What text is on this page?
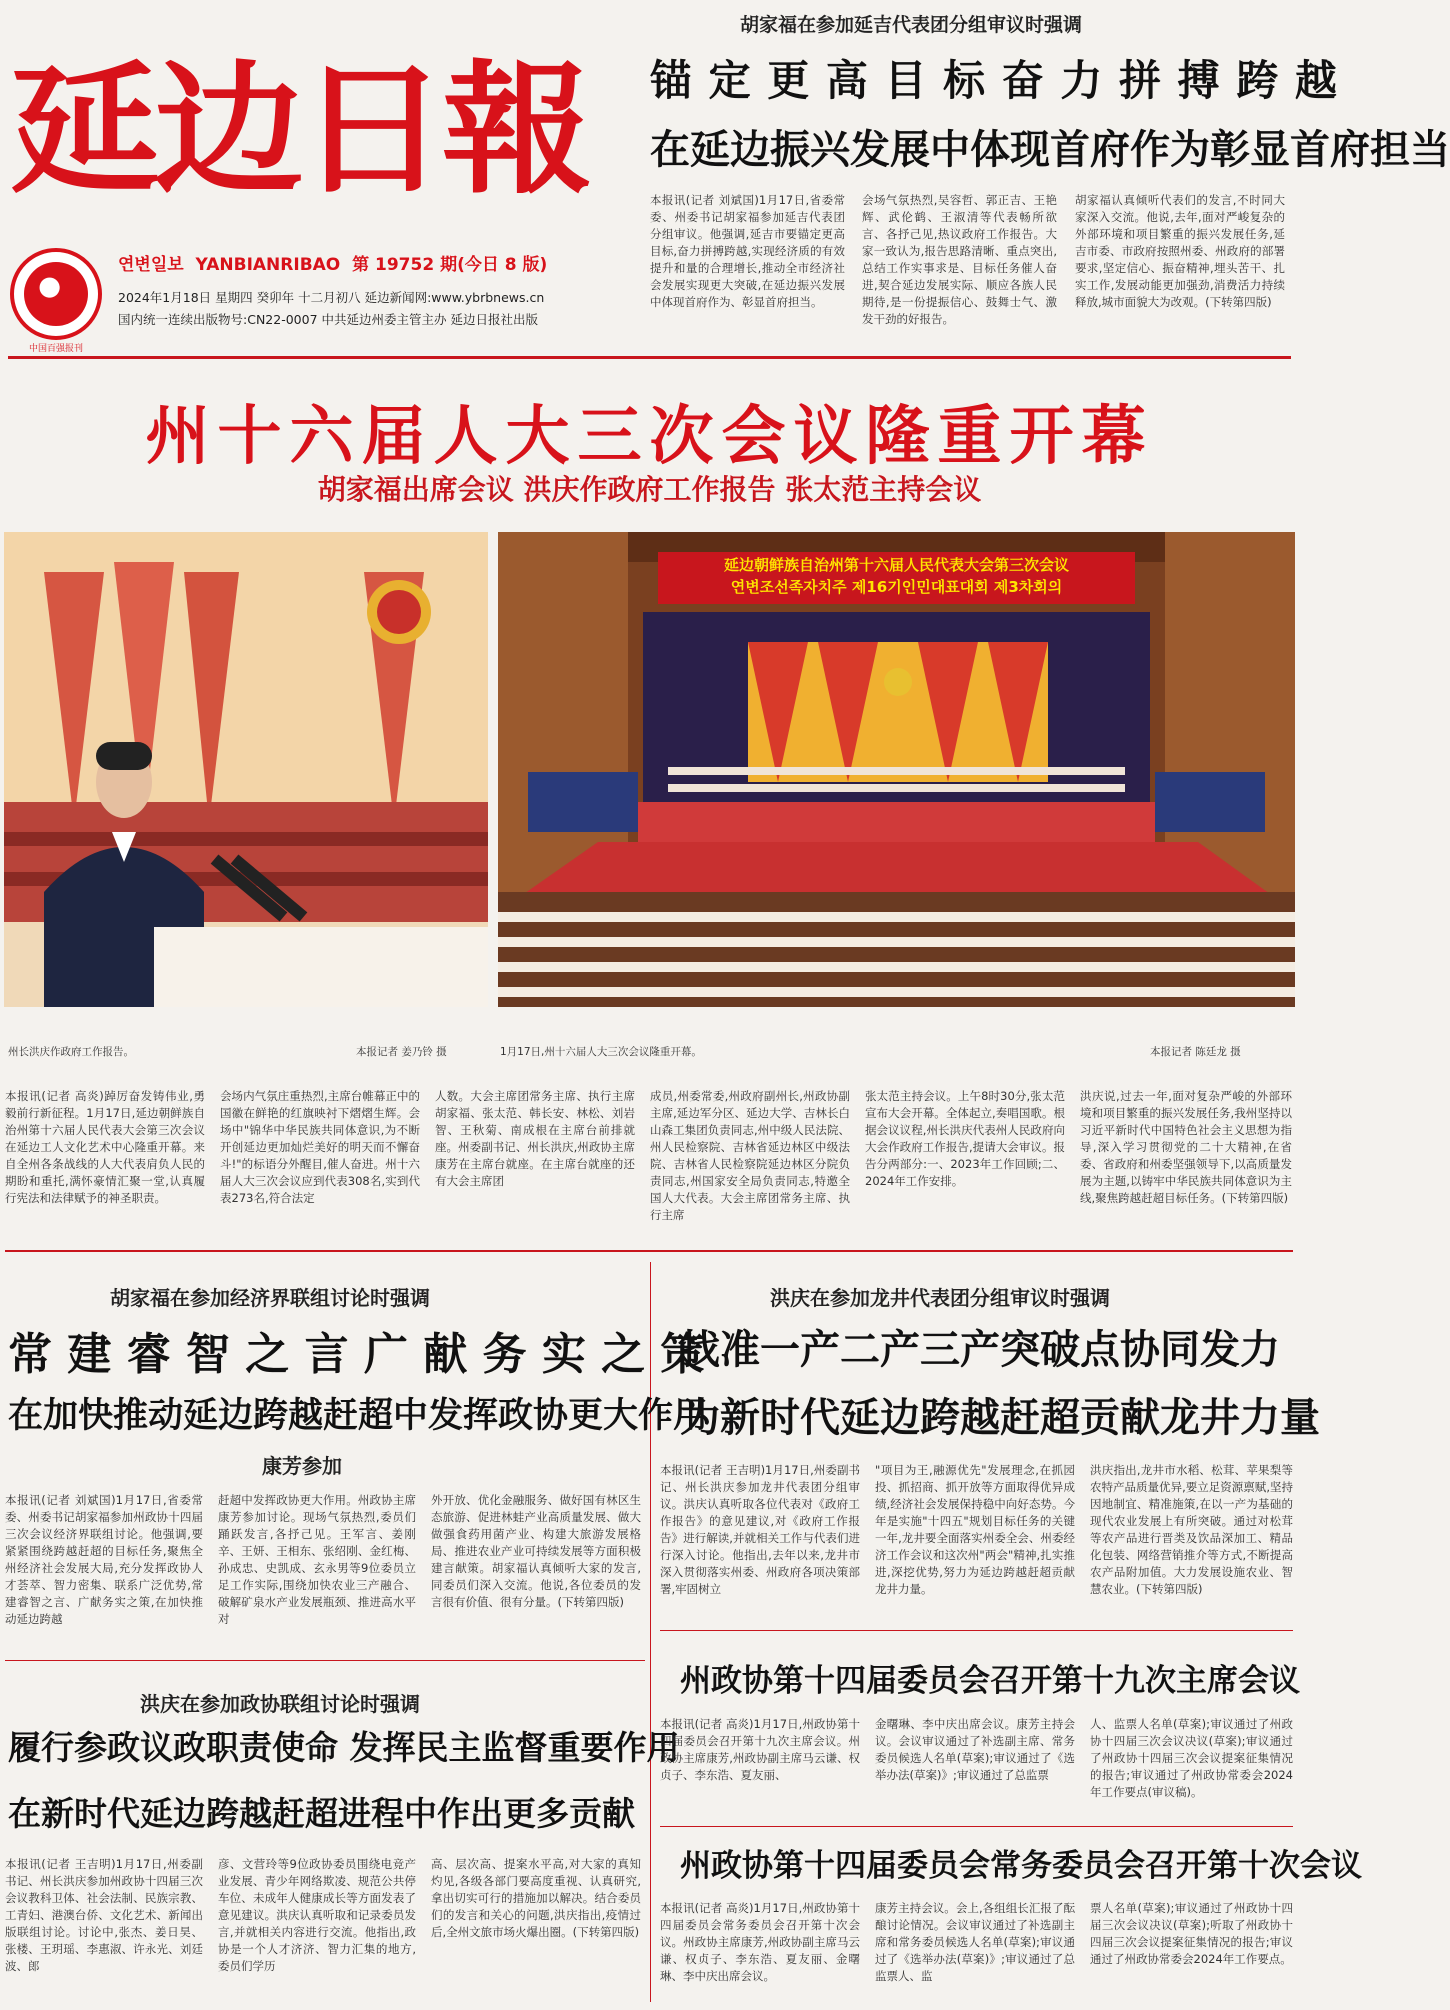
延边日報
中国百强报刊
연변일보 YANBIANRIBAO 第 19752 期(今日 8 版)
2024年1月18日 星期四 癸卯年 十二月初八 延边新闻网:www.ybrbnews.cn
国内统一连续出版物号:CN22-0007 中共延边州委主管主办 延边日报社出版
胡家福在参加延吉代表团分组审议时强调
锚 定 更 高 目 标 奋 力 拼 搏 跨 越
在延边振兴发展中体现首府作为彰显首府担当
本报讯(记者 刘斌国)1月17日,省委常委、州委书记胡家福参加延吉代表团分组审议。他强调,延吉市要锚定更高目标,奋力拼搏跨越,实现经济质的有效提升和量的合理增长,推动全市经济社会发展实现更大突破,在延边振兴发展中体现首府作为、彰显首府担当。
会场气氛热烈,吴容哲、郭正吉、王艳辉、武伦鹤、王淑清等代表畅所欲言、各抒己见,热议政府工作报告。大家一致认为,报告思路清晰、重点突出,总结工作实事求是、目标任务催人奋进,契合延边发展实际、顺应各族人民期待,是一份提振信心、鼓舞士气、激发干劲的好报告。
胡家福认真倾听代表们的发言,不时同大家深入交流。他说,去年,面对严峻复杂的外部环境和项目繁重的振兴发展任务,延吉市委、市政府按照州委、州政府的部署要求,坚定信心、振奋精神,埋头苦干、扎实工作,发展动能更加强劲,消费活力持续释放,城市面貌大为改观。(下转第四版)
州十六届人大三次会议隆重开幕
胡家福出席会议 洪庆作政府工作报告 张太范主持会议
延边朝鲜族自治州第十六届人民代表大会第三次会议
연변조선족자치주 제16기인민대표대회 제3차회의
州长洪庆作政府工作报告。	本报记者 姜乃铃 摄	1月17日,州十六届人大三次会议隆重开幕。	本报记者 陈廷龙 摄
本报讯(记者 高炎)踔厉奋发铸伟业,勇毅前行新征程。1月17日,延边朝鲜族自治州第十六届人民代表大会第三次会议在延边工人文化艺术中心隆重开幕。来自全州各条战线的人大代表肩负人民的期盼和重托,满怀豪情汇聚一堂,认真履行宪法和法律赋予的神圣职责。
会场内气氛庄重热烈,主席台帷幕正中的国徽在鲜艳的红旗映衬下熠熠生辉。会场中"锦华中华民族共同体意识,为不断开创延边更加灿烂美好的明天而不懈奋斗!"的标语分外醒目,催人奋进。州十六届人大三次会议应到代表308名,实到代表273名,符合法定
人数。大会主席团常务主席、执行主席胡家福、张太范、韩长安、林松、刘岩智、王秋菊、南成根在主席台前排就座。州委副书记、州长洪庆,州政协主席康芳在主席台就座。在主席台就座的还有大会主席团
成员,州委常委,州政府副州长,州政协副主席,延边军分区、延边大学、吉林长白山森工集团负责同志,州中级人民法院、州人民检察院、吉林省延边林区中级法院、吉林省人民检察院延边林区分院负责同志,州国家安全局负责同志,特邀全国人大代表。大会主席团常务主席、执行主席
张太范主持会议。上午8时30分,张太范宣布大会开幕。全体起立,奏唱国歌。根据会议议程,州长洪庆代表州人民政府向大会作政府工作报告,提请大会审议。报告分两部分:一、2023年工作回顾;二、2024年工作安排。
洪庆说,过去一年,面对复杂严峻的外部环境和项目繁重的振兴发展任务,我州坚持以习近平新时代中国特色社会主义思想为指导,深入学习贯彻党的二十大精神,在省委、省政府和州委坚强领导下,以高质量发展为主题,以铸牢中华民族共同体意识为主线,聚焦跨越赶超目标任务。(下转第四版)
胡家福在参加经济界联组讨论时强调
常 建 睿 智 之 言 广 献 务 实 之 策
在加快推动延边跨越赶超中发挥政协更大作用
康芳参加
本报讯(记者 刘斌国)1月17日,省委常委、州委书记胡家福参加州政协十四届三次会议经济界联组讨论。他强调,要紧紧围绕跨越赶超的目标任务,聚焦全州经济社会发展大局,充分发挥政协人才荟萃、智力密集、联系广泛优势,常建睿智之言、广献务实之策,在加快推动延边跨越
赶超中发挥政协更大作用。州政协主席康芳参加讨论。现场气氛热烈,委员们踊跃发言,各抒己见。王军言、姜刚辛、王妍、王相东、张绍刚、金红梅、孙成忠、史凯成、玄永男等9位委员立足工作实际,围绕加快农业三产融合、破解矿泉水产业发展瓶颈、推进高水平对
外开放、优化金融服务、做好国有林区生态旅游、促进林蛙产业高质量发展、做大做强食药用菌产业、构建大旅游发展格局、推进农业产业可持续发展等方面积极建言献策。胡家福认真倾听大家的发言,同委员们深入交流。他说,各位委员的发言很有价值、很有分量。(下转第四版)
洪庆在参加政协联组讨论时强调
履行参政议政职责使命 发挥民主监督重要作用
在新时代延边跨越赶超进程中作出更多贡献
本报讯(记者 王吉明)1月17日,州委副书记、州长洪庆参加州政协十四届三次会议教科卫体、社会法制、民族宗教、工青妇、港澳台侨、文化艺术、新闻出版联组讨论。讨论中,张杰、姜日昊、张楼、王玥瑶、李惠淑、许永光、刘廷波、郎
彦、文营玲等9位政协委员围绕电竞产业发展、青少年网络欺凌、规范公共停车位、未成年人健康成长等方面发表了意见建议。洪庆认真听取和记录委员发言,并就相关内容进行交流。他指出,政协是一个人才济济、智力汇集的地方,委员们学历
高、层次高、提案水平高,对大家的真知灼见,各级各部门要高度重视、认真研究,拿出切实可行的措施加以解决。结合委员们的发言和关心的问题,洪庆指出,疫情过后,全州文旅市场火爆出圈。(下转第四版)
洪庆在参加龙井代表团分组审议时强调
找准一产二产三产突破点协同发力
为新时代延边跨越赶超贡献龙井力量
本报讯(记者 王吉明)1月17日,州委副书记、州长洪庆参加龙井代表团分组审议。洪庆认真听取各位代表对《政府工作报告》的意见建议,对《政府工作报告》进行解读,并就相关工作与代表们进行深入讨论。他指出,去年以来,龙井市深入贯彻落实州委、州政府各项决策部署,牢固树立
"项目为王,融源优先"发展理念,在抓园投、抓招商、抓开放等方面取得优异成绩,经济社会发展保持稳中向好态势。今年是实施"十四五"规划目标任务的关键一年,龙井要全面落实州委全会、州委经济工作会议和这次州"两会"精神,扎实推进,深挖优势,努力为延边跨越赶超贡献龙井力量。
洪庆指出,龙井市水稻、松茸、苹果梨等农特产品质量优异,要立足资源禀赋,坚持因地制宜、精准施策,在以一产为基础的现代农业发展上有所突破。通过对松茸等农产品进行晋类及饮品深加工、精品化包装、网络营销推介等方式,不断提高农产品附加值。大力发展设施农业、智慧农业。(下转第四版)
州政协第十四届委员会召开第十九次主席会议
本报讯(记者 高炎)1月17日,州政协第十四届委员会召开第十九次主席会议。州政协主席康芳,州政协副主席马云谦、权贞子、李东浩、夏友丽、
金曙琳、李中庆出席会议。康芳主持会议。会议审议通过了补选副主席、常务委员候选人名单(草案);审议通过了《选举办法(草案)》;审议通过了总监票
人、监票人名单(草案);审议通过了州政协十四届三次会议决议(草案);审议通过了州政协十四届三次会议提案征集情况的报告;审议通过了州政协常委会2024年工作要点(审议稿)。
州政协第十四届委员会常务委员会召开第十次会议
本报讯(记者 高炎)1月17日,州政协第十四届委员会常务委员会召开第十次会议。州政协主席康芳,州政协副主席马云谦、权贞子、李东浩、夏友丽、金曙琳、李中庆出席会议。
康芳主持会议。会上,各组组长汇报了酝酿讨论情况。会议审议通过了补选副主席和常务委员候选人名单(草案);审议通过了《选举办法(草案)》;审议通过了总监票人、监
票人名单(草案);审议通过了州政协十四届三次会议决议(草案);听取了州政协十四届三次会议提案征集情况的报告;审议通过了州政协常委会2024年工作要点。
